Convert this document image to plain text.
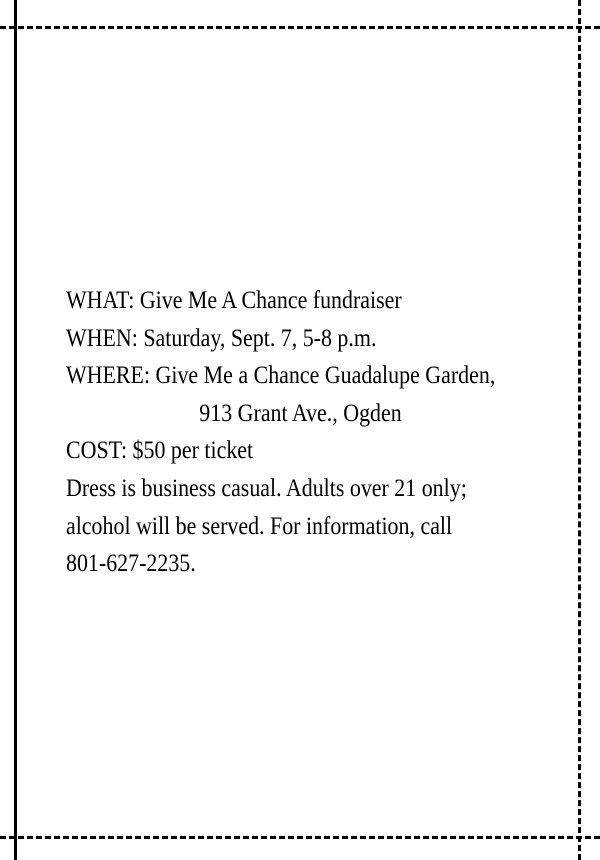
WHAT: Give Me A Chance fundraiser
WHEN: Saturday, Sept. 7, 5-8 p.m.
WHERE: Give Me a Chance Guadalupe Garden,
913 Grant Ave., Ogden
COST: $50 per ticket
Dress is business casual. Adults over 21 only;
alcohol will be served. For information, call
801-627-2235.
